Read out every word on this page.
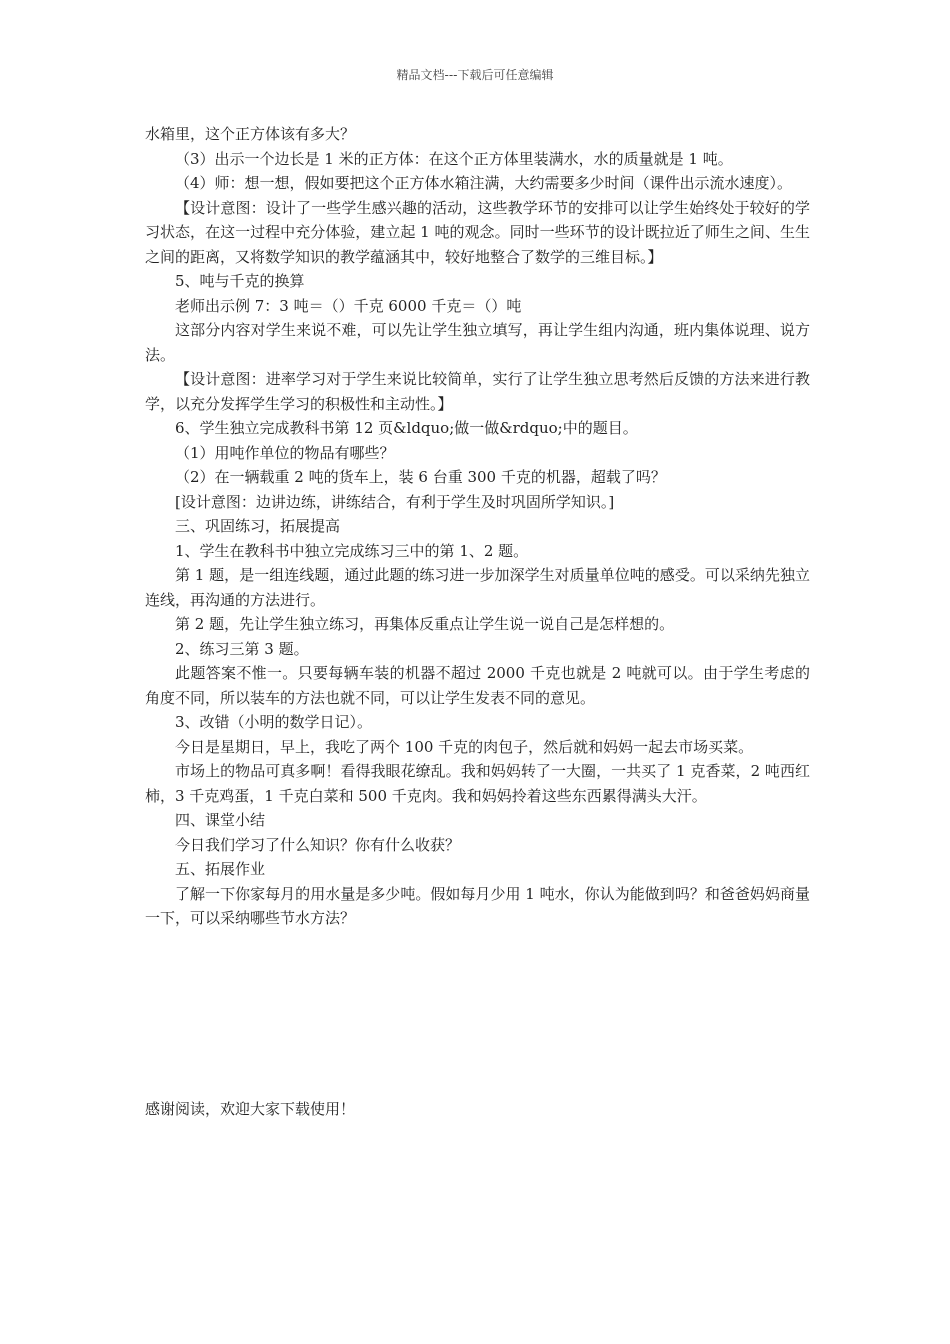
精品文档---下载后可任意编辑

水箱里，这个正方体该有多大？

（3）出示一个边长是 1 米的正方体：在这个正方体里装满水，水的质量就是 1 吨。

（4）师：想一想，假如要把这个正方体水箱注满，大约需要多少时间（课件出示流水速度）。

【设计意图：设计了一些学生感兴趣的活动，这些教学环节的安排可以让学生始终处于较好的学习状态，在这一过程中充分体验，建立起 1 吨的观念。同时一些环节的设计既拉近了师生之间、生生之间的距离，又将数学知识的教学蕴涵其中，较好地整合了数学的三维目标。】

5、吨与千克的换算

老师出示例 7：3 吨＝（）千克 6000 千克＝（）吨

这部分内容对学生来说不难，可以先让学生独立填写，再让学生组内沟通，班内集体说理、说方法。

【设计意图：进率学习对于学生来说比较简单，实行了让学生独立思考然后反馈的方法来进行教学，以充分发挥学生学习的积极性和主动性。】

6、学生独立完成教科书第 12 页&ldquo;做一做&rdquo;中的题目。

（1）用吨作单位的物品有哪些？

（2）在一辆载重 2 吨的货车上，装 6 台重 300 千克的机器，超载了吗？

[设计意图：边讲边练，讲练结合，有利于学生及时巩固所学知识。]

三、巩固练习，拓展提高

1、学生在教科书中独立完成练习三中的第 1、2 题。

第 1 题，是一组连线题，通过此题的练习进一步加深学生对质量单位吨的感受。可以采纳先独立连线，再沟通的方法进行。

第 2 题，先让学生独立练习，再集体反重点让学生说一说自己是怎样想的。

2、练习三第 3 题。

此题答案不惟一。只要每辆车装的机器不超过 2000 千克也就是 2 吨就可以。由于学生考虑的角度不同，所以装车的方法也就不同，可以让学生发表不同的意见。

3、改错（小明的数学日记）。

今日是星期日，早上，我吃了两个 100 千克的肉包子，然后就和妈妈一起去市场买菜。

市场上的物品可真多啊！看得我眼花缭乱。我和妈妈转了一大圈，一共买了 1 克香菜，2 吨西红柿，3 千克鸡蛋，1 千克白菜和 500 千克肉。我和妈妈拎着这些东西累得满头大汗。

四、课堂小结

今日我们学习了什么知识？你有什么收获？

五、拓展作业

了解一下你家每月的用水量是多少吨。假如每月少用 1 吨水，你认为能做到吗？和爸爸妈妈商量一下，可以采纳哪些节水方法？

感谢阅读，欢迎大家下载使用！
